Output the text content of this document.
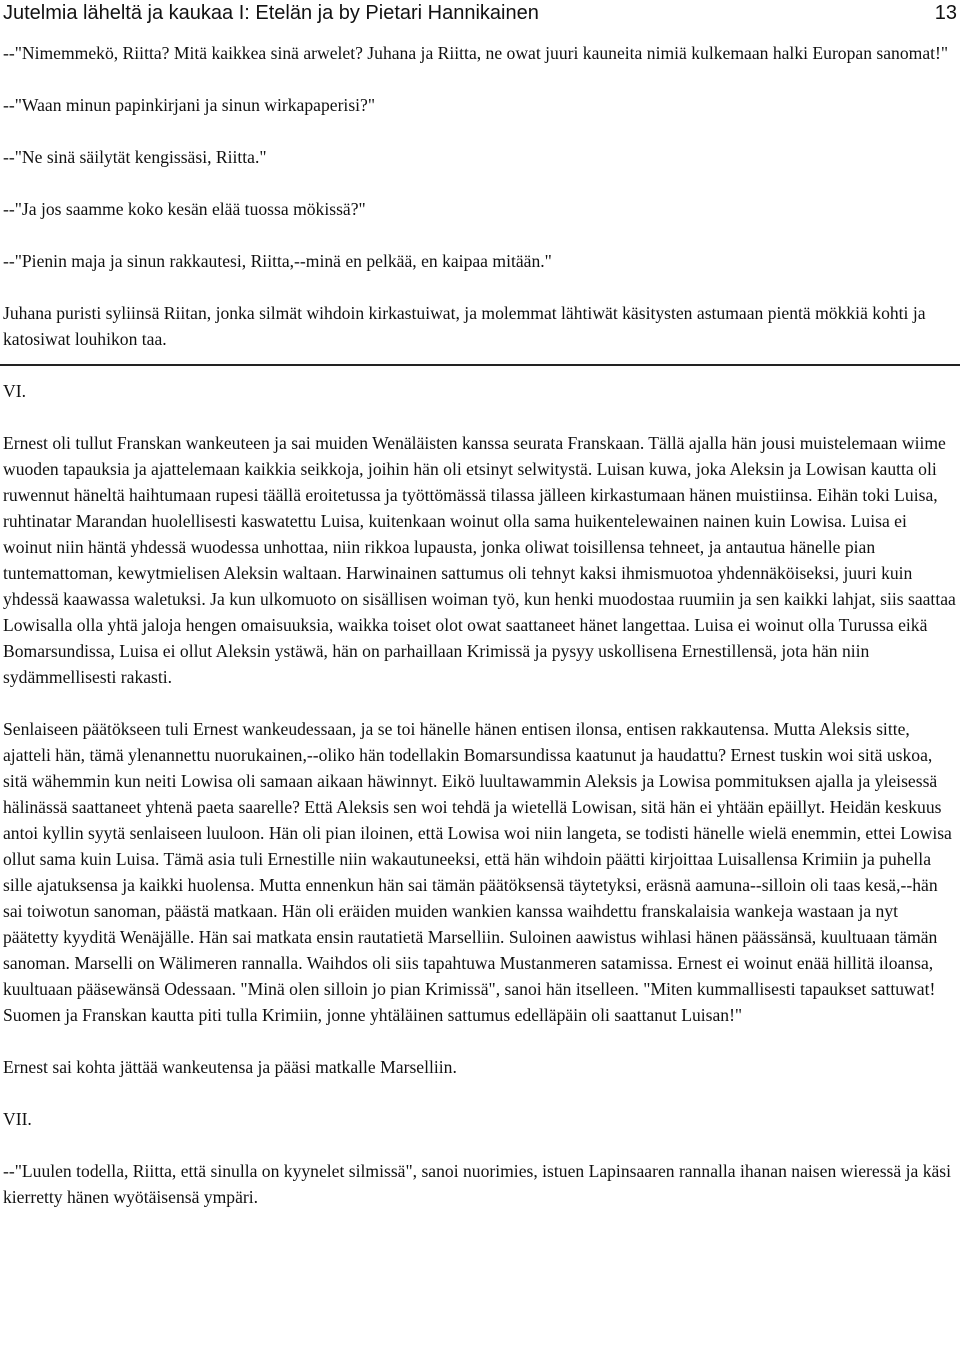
Jutelmia läheltä ja kaukaa I: Etelän ja by Pietari Hannikainen	13

--"Nimemmekö, Riitta? Mitä kaikkea sinä arwelet? Juhana ja Riitta, ne owat juuri kauneita nimiä kulkemaan halki Europan sanomat!"

--"Waan minun papinkirjani ja sinun wirkapaperisi?"

--"Ne sinä säilytät kengissäsi, Riitta."

--"Ja jos saamme koko kesän elää tuossa mökissä?"

--"Pienin maja ja sinun rakkautesi, Riitta,--minä en pelkää, en kaipaa mitään."

Juhana puristi syliinsä Riitan, jonka silmät wihdoin kirkastuiwat, ja molemmat lähtiwät käsitysten astumaan pientä mökkiä kohti ja katosiwat louhikon taa.

VI.

Ernest oli tullut Franskan wankeuteen ja sai muiden Wenäläisten kanssa seurata Franskaan. Tällä ajalla hän jousi muistelemaan wiime wuoden tapauksia ja ajattelemaan kaikkia seikkoja, joihin hän oli etsinyt selwitystä. Luisan kuwa, joka Aleksin ja Lowisan kautta oli ruwennut häneltä haihtumaan rupesi täällä eroitetussa ja työttömässä tilassa jälleen kirkastumaan hänen muistiinsa. Eihän toki Luisa, ruhtinatar Marandan huolellisesti kaswatettu Luisa, kuitenkaan woinut olla sama huikentelewainen nainen kuin Lowisa. Luisa ei woinut niin häntä yhdessä wuodessa unhottaa, niin rikkoa lupausta, jonka oliwat toisillensa tehneet, ja antautua hänelle pian tuntemattoman, kewytmielisen Aleksin waltaan. Harwinainen sattumus oli tehnyt kaksi ihmismuotoa yhdennäköiseksi, juuri kuin yhdessä kaawassa waletuksi. Ja kun ulkomuoto on sisällisen woiman työ, kun henki muodostaa ruumiin ja sen kaikki lahjat, siis saattaa Lowisalla olla yhtä jaloja hengen omaisuuksia, waikka toiset olot owat saattaneet hänet langettaa. Luisa ei woinut olla Turussa eikä Bomarsundissa, Luisa ei ollut Aleksin ystäwä, hän on parhaillaan Krimissä ja pysyy uskollisena Ernestillensä, jota hän niin sydämmellisesti rakasti.

Senlaiseen päätökseen tuli Ernest wankeudessaan, ja se toi hänelle hänen entisen ilonsa, entisen rakkautensa. Mutta Aleksis sitte, ajatteli hän, tämä ylenannettu nuorukainen,--oliko hän todellakin Bomarsundissa kaatunut ja haudattu? Ernest tuskin woi sitä uskoa, sitä wähemmin kun neiti Lowisa oli samaan aikaan häwinnyt. Eikö luultawammin Aleksis ja Lowisa pommituksen ajalla ja yleisessä hälinässä saattaneet yhtenä paeta saarelle? Että Aleksis sen woi tehdä ja wietellä Lowisan, sitä hän ei yhtään epäillyt. Heidän keskuus antoi kyllin syytä senlaiseen luuloon. Hän oli pian iloinen, että Lowisa woi niin langeta, se todisti hänelle wielä enemmin, ettei Lowisa ollut sama kuin Luisa. Tämä asia tuli Ernestille niin wakautuneeksi, että hän wihdoin päätti kirjoittaa Luisallensa Krimiin ja puhella sille ajatuksensa ja kaikki huolensa. Mutta ennenkun hän sai tämän päätöksensä täytetyksi, eräsnä aamuna--silloin oli taas kesä,--hän sai toiwotun sanoman, päästä matkaan. Hän oli eräiden muiden wankien kanssa waihdettu franskalaisia wankeja wastaan ja nyt päätetty kyyditä Wenäjälle. Hän sai matkata ensin rautatietä Marselliin. Suloinen aawistus wihlasi hänen päässänsä, kuultuaan tämän sanoman. Marselli on Wälimeren rannalla. Waihdos oli siis tapahtuwa Mustanmeren satamissa. Ernest ei woinut enää hillitä iloansa, kuultuaan pääsewänsä Odessaan. "Minä olen silloin jo pian Krimissä", sanoi hän itselleen. "Miten kummallisesti tapaukset sattuwat! Suomen ja Franskan kautta piti tulla Krimiin, jonne yhtäläinen sattumus edelläpäin oli saattanut Luisan!"

Ernest sai kohta jättää wankeutensa ja pääsi matkalle Marselliin.

VII.

--"Luulen todella, Riitta, että sinulla on kyynelet silmissä", sanoi nuorimies, istuen Lapinsaaren rannalla ihanan naisen wieressä ja käsi kierretty hänen wyötäisensä ympäri.
